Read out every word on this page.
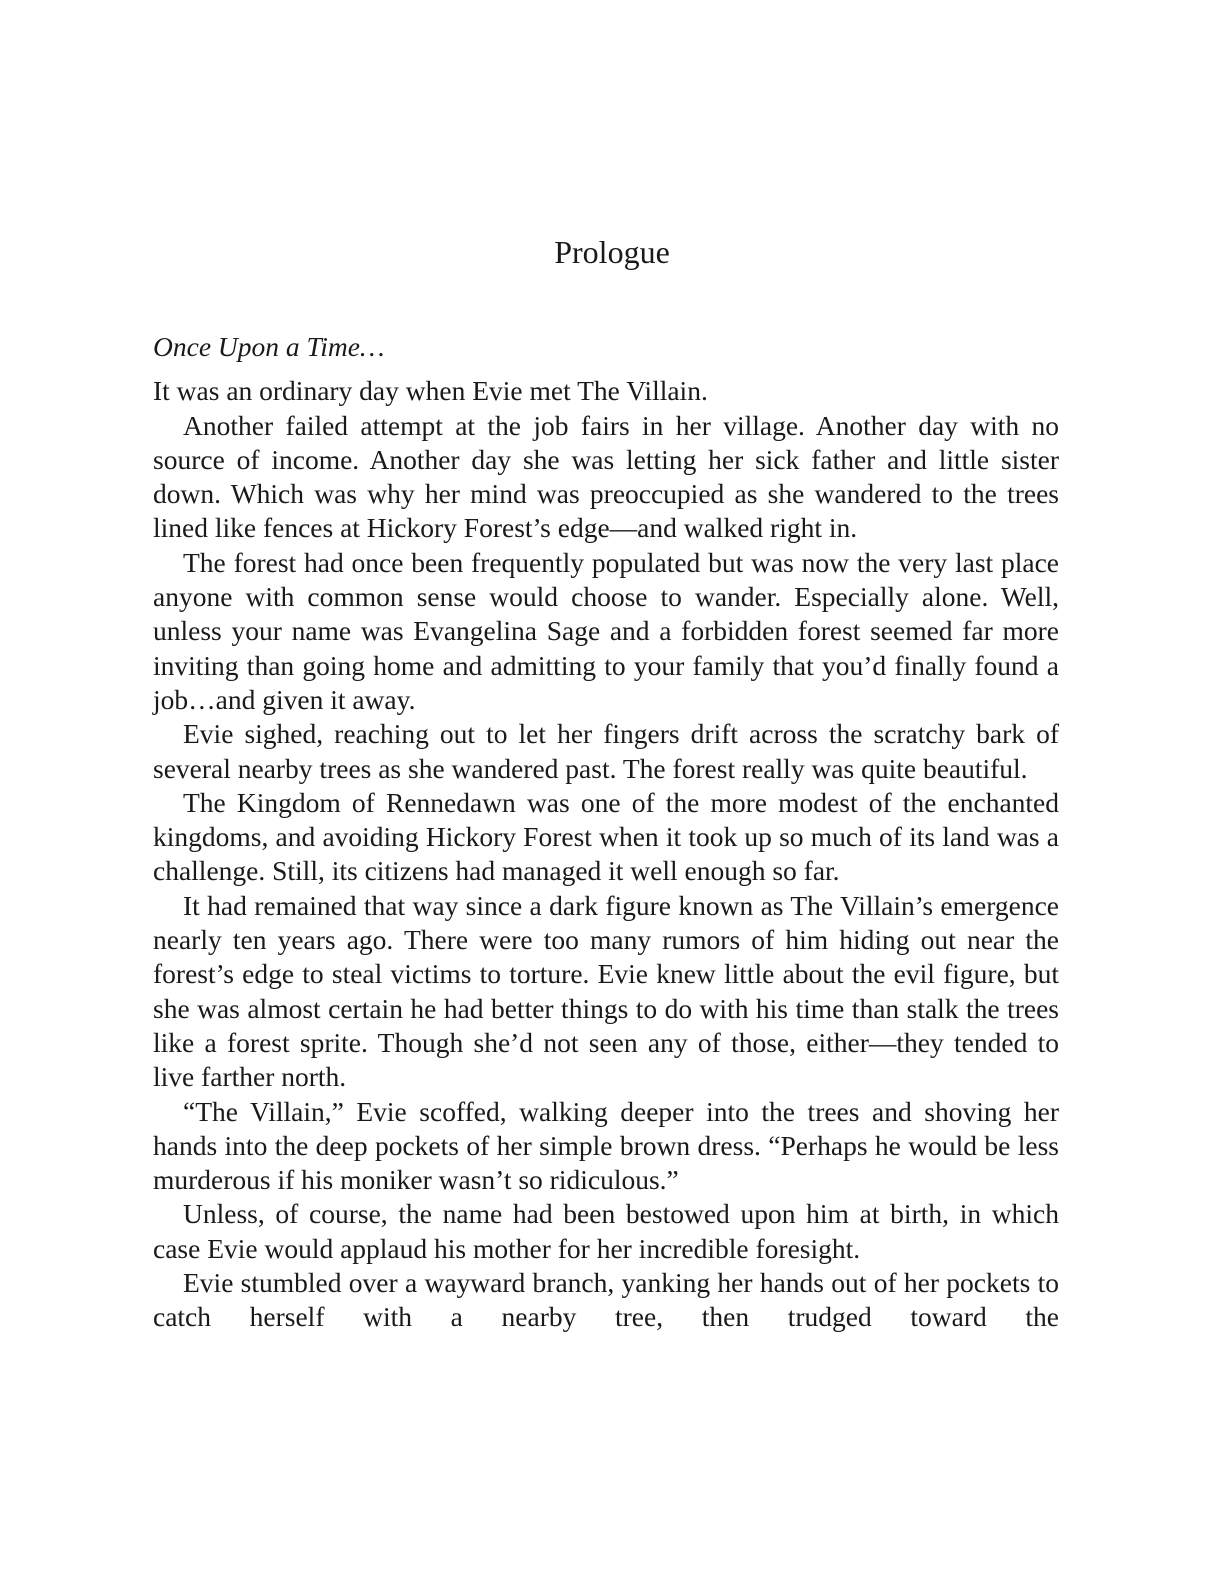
Prologue

Once Upon a Time…

It was an ordinary day when Evie met The Villain.

Another failed attempt at the job fairs in her village. Another day with no source of income. Another day she was letting her sick father and little sister down. Which was why her mind was preoccupied as she wandered to the trees lined like fences at Hickory Forest’s edge—and walked right in.

The forest had once been frequently populated but was now the very last place anyone with common sense would choose to wander. Especially alone. Well, unless your name was Evangelina Sage and a forbidden forest seemed far more inviting than going home and admitting to your family that you’d finally found a job…and given it away.

Evie sighed, reaching out to let her fingers drift across the scratchy bark of several nearby trees as she wandered past. The forest really was quite beautiful.

The Kingdom of Rennedawn was one of the more modest of the enchanted kingdoms, and avoiding Hickory Forest when it took up so much of its land was a challenge. Still, its citizens had managed it well enough so far.

It had remained that way since a dark figure known as The Villain’s emergence nearly ten years ago. There were too many rumors of him hiding out near the forest’s edge to steal victims to torture. Evie knew little about the evil figure, but she was almost certain he had better things to do with his time than stalk the trees like a forest sprite. Though she’d not seen any of those, either—they tended to live farther north.

“The Villain,” Evie scoffed, walking deeper into the trees and shoving her hands into the deep pockets of her simple brown dress. “Perhaps he would be less murderous if his moniker wasn’t so ridiculous.”

Unless, of course, the name had been bestowed upon him at birth, in which case Evie would applaud his mother for her incredible foresight.

Evie stumbled over a wayward branch, yanking her hands out of her pockets to catch herself with a nearby tree, then trudged toward the
